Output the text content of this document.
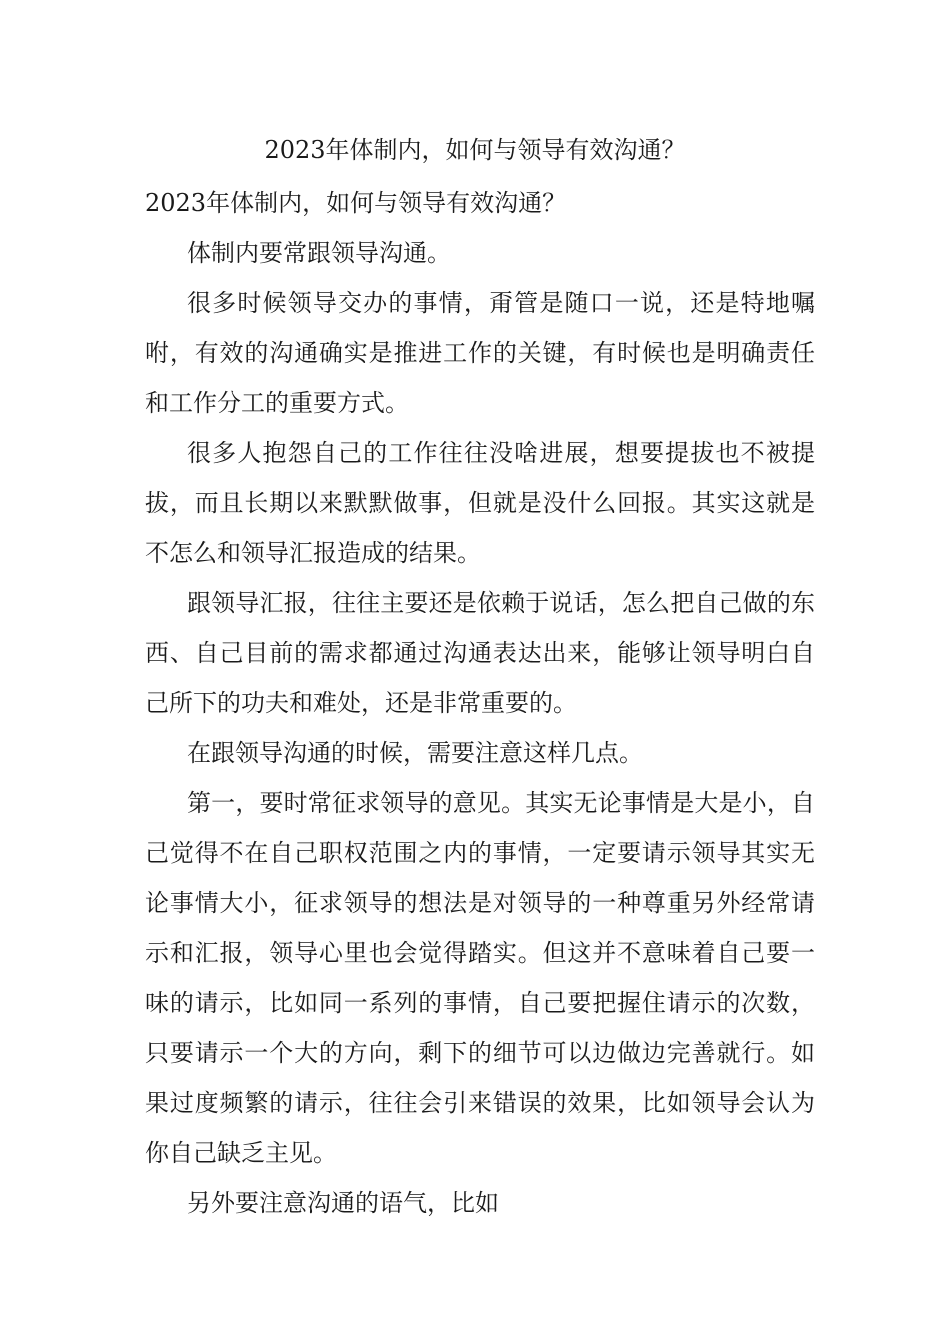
2023年体制内，如何与领导有效沟通？

2023年体制内，如何与领导有效沟通？

体制内要常跟领导沟通。

很多时候领导交办的事情，甭管是随口一说，还是特地嘱咐，有效的沟通确实是推进工作的关键，有时候也是明确责任和工作分工的重要方式。

很多人抱怨自己的工作往往没啥进展，想要提拔也不被提拔，而且长期以来默默做事，但就是没什么回报。其实这就是不怎么和领导汇报造成的结果。

跟领导汇报，往往主要还是依赖于说话，怎么把自己做的东西、自己目前的需求都通过沟通表达出来，能够让领导明白自己所下的功夫和难处，还是非常重要的。

在跟领导沟通的时候，需要注意这样几点。

第一，要时常征求领导的意见。其实无论事情是大是小，自己觉得不在自己职权范围之内的事情，一定要请示领导其实无论事情大小，征求领导的想法是对领导的一种尊重另外经常请示和汇报，领导心里也会觉得踏实。但这并不意味着自己要一味的请示，比如同一系列的事情，自己要把握住请示的次数，只要请示一个大的方向，剩下的细节可以边做边完善就行。如果过度频繁的请示，往往会引来错误的效果，比如领导会认为你自己缺乏主见。

另外要注意沟通的语气，比如
